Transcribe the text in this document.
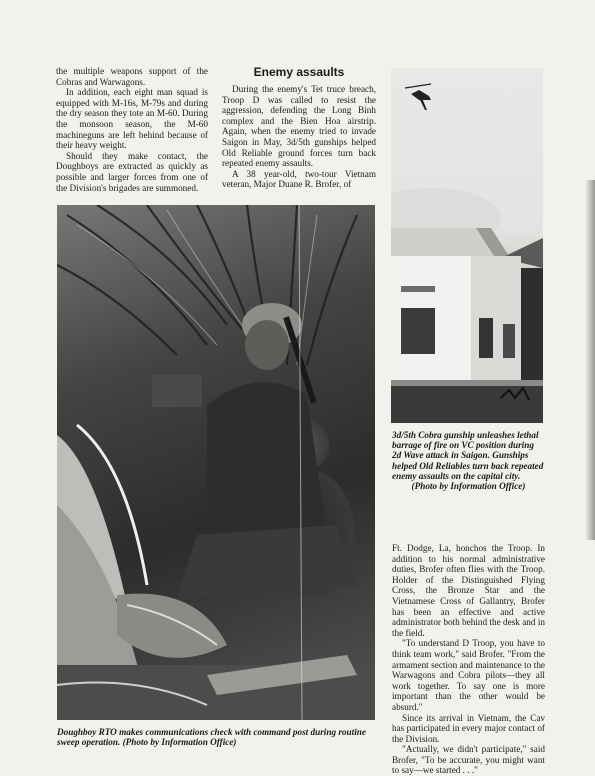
the multiple weapons support of the Cobras and Warwagons.

In addition, each eight man squad is equipped with M-16s, M-79s and during the dry season they tote an M-60. During the monsoon season, the M-60 machineguns are left behind because of their heavy weight.

Should they make contact, the Doughboys are extracted as quickly as possible and larger forces from one of the Division's brigades are summoned.

Enemy assaults

During the enemy's Tet truce breach, Troop D was called to resist the aggression, defending the Long Binh complex and the Bien Hoa airstrip. Again, when the enemy tried to invade Saigon in May, 3d/5th gunships helped Old Reliable ground forces turn back repeated enemy assaults.

A 38 year-old, two-tour Vietnam veteran, Major Duane R. Brofer, of

3d/5th Cobra gunship unleashes lethal barrage of fire on VC position during 2d Wave attack in Saigon. Gunships helped Old Reliables turn back repeated enemy assaults on the capital city.
(Photo by Information Office)
Doughboy RTO makes communications check with command post during routine sweep operation. (Photo by Information Office)

Ft. Dodge, La, honchos the Troop. In addition to his normal administrative duties, Brofer often flies with the Troop. Holder of the Distinguished Flying Cross, the Bronze Star and the Vietnamese Cross of Gallantry, Brofer has been an effective and active administrator both behind the desk and in the field.

"To understand D Troop, you have to think team work," said Brofer. "From the armament section and maintenance to the Warwagons and Cobra pilots—they all work together. To say one is more important than the other would be absurd."

Since its arrival in Vietnam, the Cav has participated in every major contact of the Division.

"Actually, we didn't participate," said Brofer, "To be accurate, you might want to say—we started . . ."
